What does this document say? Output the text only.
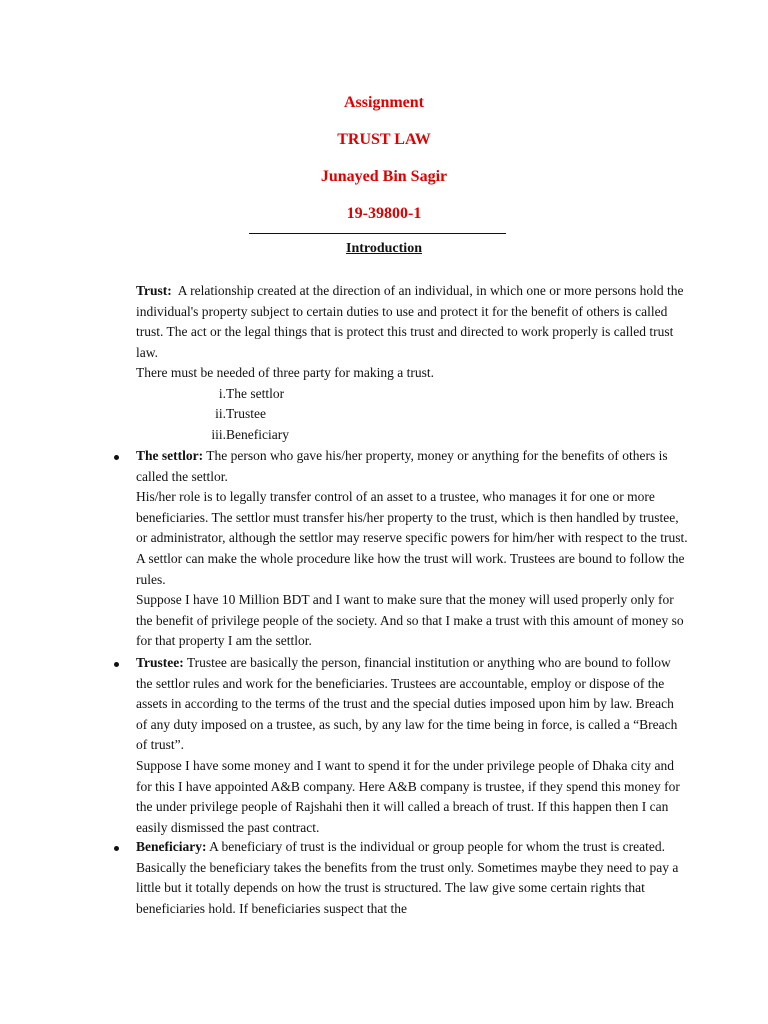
Assignment
TRUST LAW
Junayed Bin Sagir
19-39800-1
Introduction
Trust: A relationship created at the direction of an individual, in which one or more persons hold the individual's property subject to certain duties to use and protect it for the benefit of others is called trust. The act or the legal things that is protect this trust and directed to work properly is called trust law.
There must be needed of three party for making a trust.
i. The settlor
ii. Trustee
iii. Beneficiary
The settlor: The person who gave his/her property, money or anything for the benefits of others is called the settlor.
His/her role is to legally transfer control of an asset to a trustee, who manages it for one or more beneficiaries. The settlor must transfer his/her property to the trust, which is then handled by trustee, or administrator, although the settlor may reserve specific powers for him/her with respect to the trust. A settlor can make the whole procedure like how the trust will work. Trustees are bound to follow the rules.
Suppose I have 10 Million BDT and I want to make sure that the money will used properly only for the benefit of privilege people of the society. And so that I make a trust with this amount of money so for that property I am the settlor.
Trustee: Trustee are basically the person, financial institution or anything who are bound to follow the settlor rules and work for the beneficiaries. Trustees are accountable, employ or dispose of the assets in according to the terms of the trust and the special duties imposed upon him by law. Breach of any duty imposed on a trustee, as such, by any law for the time being in force, is called a “Breach of trust”.
Suppose I have some money and I want to spend it for the under privilege people of Dhaka city and for this I have appointed A&B company. Here A&B company is trustee, if they spend this money for the under privilege people of Rajshahi then it will called a breach of trust. If this happen then I can easily dismissed the past contract.
Beneficiary: A beneficiary of trust is the individual or group people for whom the trust is created. Basically the beneficiary takes the benefits from the trust only. Sometimes maybe they need to pay a little but it totally depends on how the trust is structured. The law give some certain rights that beneficiaries hold. If beneficiaries suspect that the
